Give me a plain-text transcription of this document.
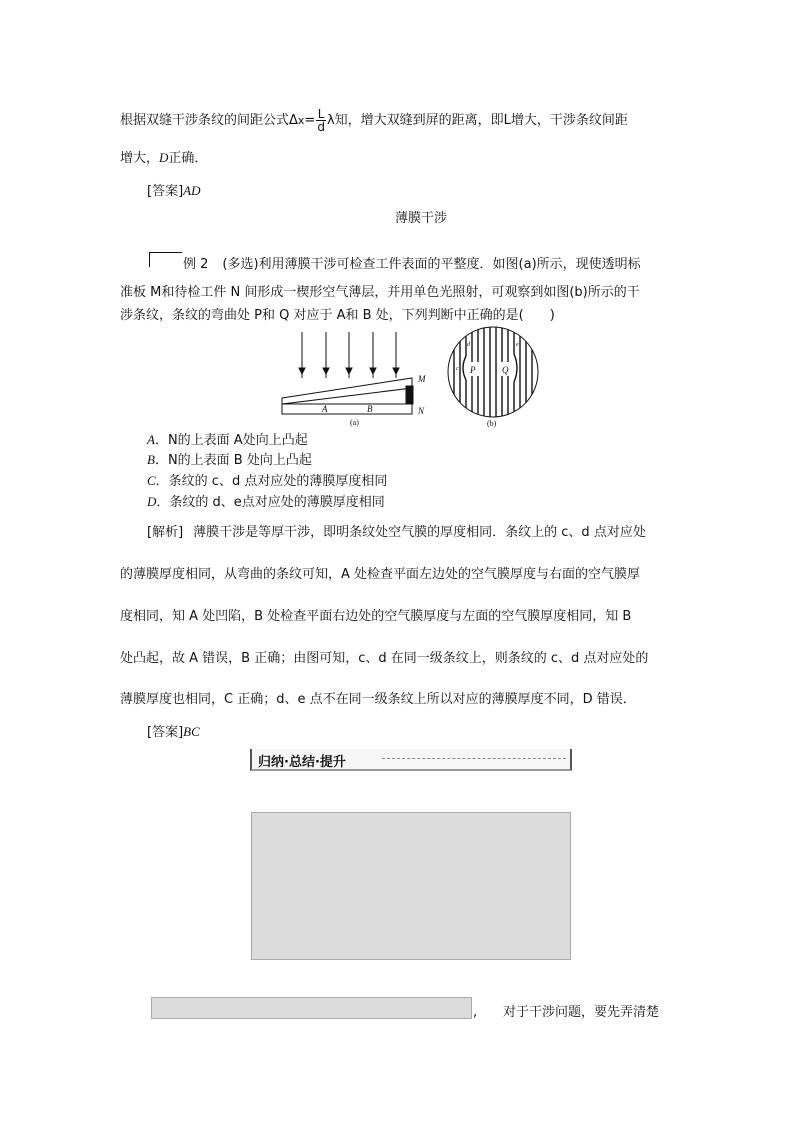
根据双缝干涉条纹的间距公式$\Delta x= \frac{L}{d}$ λ知，增大双缝到屏的距离，即L增大，干涉条纹间距
增大，D正确．
[答案]AD
薄膜干涉
例 2 (多选)利用薄膜干涉可检查工件表面的平整度．如图(a)所示，现使透明标
准板 M和待检工件 N 间形成一楔形空气薄层，并用单色光照射，可观察到如图(b)所示的干
涉条纹，条纹的弯曲处 P和 Q 对应于 A和 B 处，下列判断中正确的是(　　)
M
N
A	B
(a)
P	Q
c
d	e
(b)
A．N的上表面 A处向上凸起
B．N的上表面 B 处向上凸起
C．条纹的 c、d 点对应处的薄膜厚度相同
D．条纹的 d、e点对应处的薄膜厚度相同
[解析] 薄膜干涉是等厚干涉，即明条纹处空气膜的厚度相同．条纹上的 c、d 点对应处
的薄膜厚度相同，从弯曲的条纹可知，A 处检查平面左边处的空气膜厚度与右面的空气膜厚
度相同，知 A 处凹陷，B 处检查平面右边处的空气膜厚度与左面的空气膜厚度相同，知 B
处凸起，故 A 错误，B 正确；由图可知，c、d 在同一级条纹上，则条纹的 c、d 点对应处的
薄膜厚度也相同，C 正确；d、e 点不在同一级条纹上所以对应的薄膜厚度不同，D 错误．
[答案]BC
归纳·总结·提升
, 对于干涉问题，要先弄清楚
